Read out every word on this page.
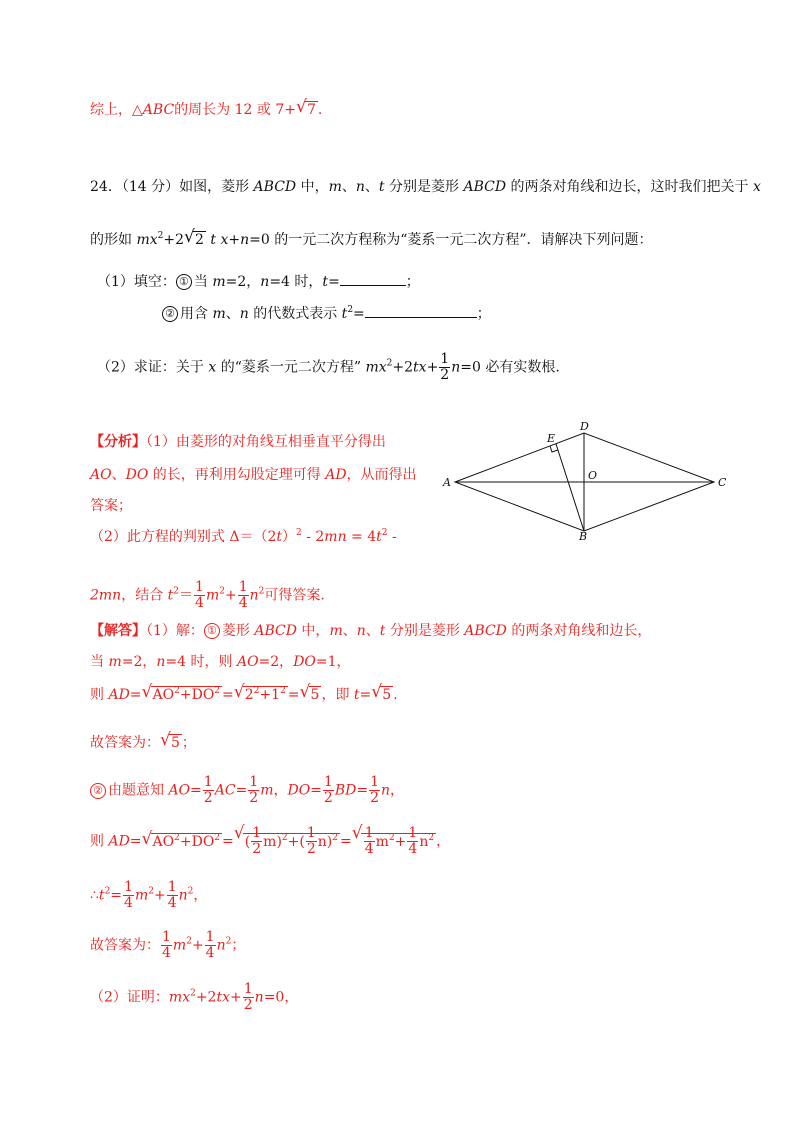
综上，△ABC的周长为 12 或 7+ √ 7 .
24．（14 分）如图，菱形 ABCD 中，m、n、t 分别是菱形 ABCD 的两条对角线和边长，这时我们把关于 x
的形如 $mx^2+2$ √ 2 t x+n=0 的一元二次方程称为“菱系一元二次方程”．请解决下列问题：
（1）填空： ① 当 m=2，n=4 时，t=	；
② 用含 m、n 的代数式表示 $t^2=$	；
（2）求证：关于 x 的“菱系一元二次方程” $mx^2+2tx+ \frac{1}{2} n=0$ 必有实数根.
A
B
C
D
E
O
【分析】（1）由菱形的对角线互相垂直平分得出
AO、DO 的长，再利用勾股定理可得 AD，从而得出
答案；
（2）此方程的判别式 $\Delta=(2t)^2 - 2mn = 4t^2$ -
2mn，结合 $t^2= \frac{1}{4} m^2+ \frac{1}{4} n^2$可得答案.
【解答】（1）解： ① 菱形 ABCD 中，m、n、t 分别是菱形 ABCD 的两条对角线和边长，
当 m=2，n=4 时，则 AO=2，DO=1，
则 AD= √ $AO^2+DO^2$ = √ $2^2+1^2$ = √ 5 ，即 t= √ 5 .
故答案为： √ 5 ；
② 由题意知 $AO= \frac{1}{2} AC= \frac{1}{2}$ m，$DO= \frac{1}{2} BD= \frac{1}{2}$ n，
则 AD= √ $AO^2+DO^2$ = √ ( $\frac{1}{2} m)^2+( \frac{1}{2} n)^2$ = √ $\frac{1}{4} m^2+ \frac{1}{4} n^2$ ，
$\therefore t^2= \frac{1}{4} m^2+ \frac{1}{4} n^2$，
故答案为： $\frac{1}{4} m^2+ \frac{1}{4} n^2$；
（2）证明：$mx^2+2tx+ \frac{1}{2} n=0$，
